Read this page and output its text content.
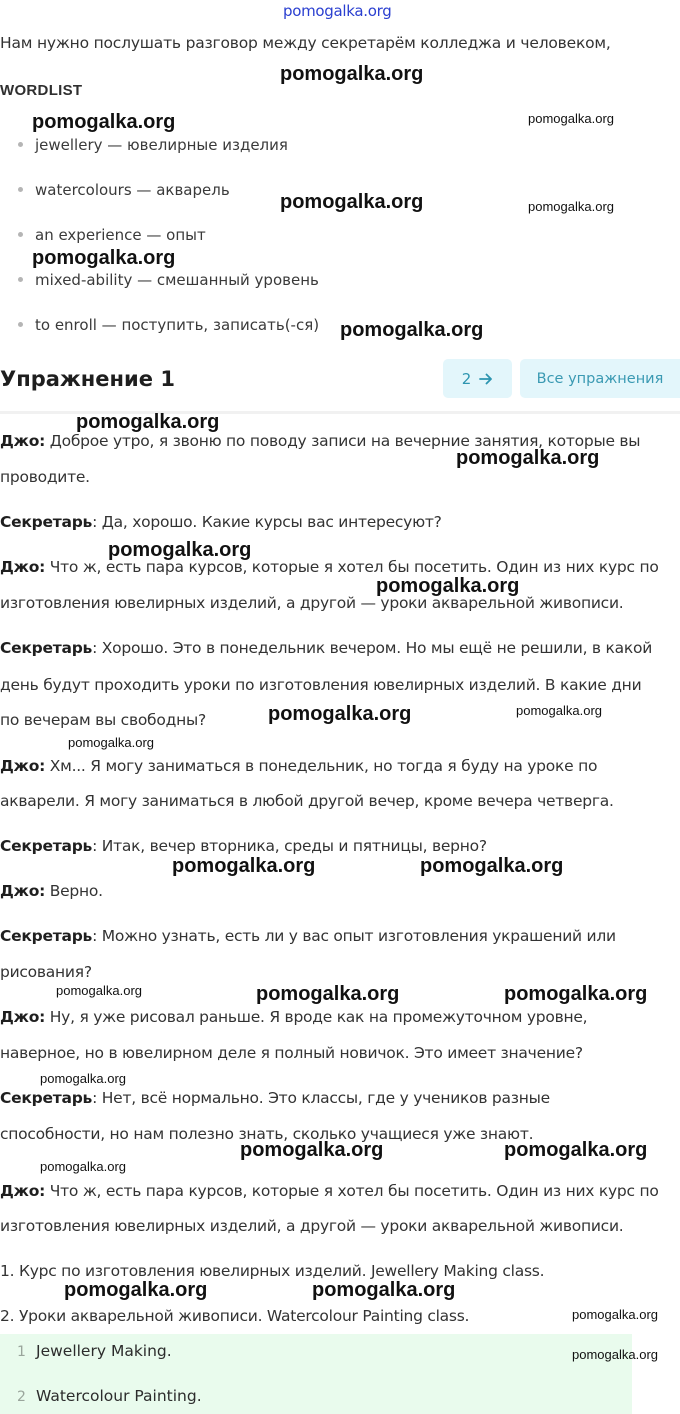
pomogalka.org
Нам нужно послушать разговор между секретарём колледжа и человеком,
WORDLIST
jewellery — ювелирные изделия
watercolours — акварель
an experience — опыт
mixed-ability — смешанный уровень
to enroll — поступить, записать(-ся)
Упражнение 1	2	Все упражнения
Джо: Доброе утро, я звоню по поводу записи на вечерние занятия, которые вы
проводите.
Секретарь: Да, хорошо. Какие курсы вас интересуют?
Джо: Что ж, есть пара курсов, которые я хотел бы посетить. Один из них курс по
изготовления ювелирных изделий, а другой — уроки акварельной живописи.
Секретарь: Хорошо. Это в понедельник вечером. Но мы ещё не решили, в какой
день будут проходить уроки по изготовления ювелирных изделий. В какие дни
по вечерам вы свободны?
Джо: Хм... Я могу заниматься в понедельник, но тогда я буду на уроке по
акварели. Я могу заниматься в любой другой вечер, кроме вечера четверга.
Секретарь: Итак, вечер вторника, среды и пятницы, верно?
Джо: Верно.
Секретарь: Можно узнать, есть ли у вас опыт изготовления украшений или
рисования?
Джо: Ну, я уже рисовал раньше. Я вроде как на промежуточном уровне,
наверное, но в ювелирном деле я полный новичок. Это имеет значение?
Секретарь: Нет, всё нормально. Это классы, где у учеников разные
способности, но нам полезно знать, сколько учащиеся уже знают.
Джо: Что ж, есть пара курсов, которые я хотел бы посетить. Один из них курс по
изготовления ювелирных изделий, а другой — уроки акварельной живописи.
1. Курс по изготовления ювелирных изделий. Jewellery Making class.
2. Уроки акварельной живописи. Watercolour Painting class.
1 Jewellery Making.
2 Watercolour Painting.
pomogalka.org
pomogalka.org
pomogalka.org
pomogalka.org
pomogalka.org
pomogalka.org
pomogalka.org
pomogalka.org
pomogalka.org
pomogalka.org
pomogalka.org	pomogalka.org
pomogalka.org	pomogalka.org
pomogalka.org	pomogalka.org
pomogalka.org	pomogalka.org
pomogalka.org
pomogalka.org
pomogalka.org
pomogalka.org
pomogalka.org
pomogalka.org
pomogalka.org
pomogalka.org
pomogalka.org
